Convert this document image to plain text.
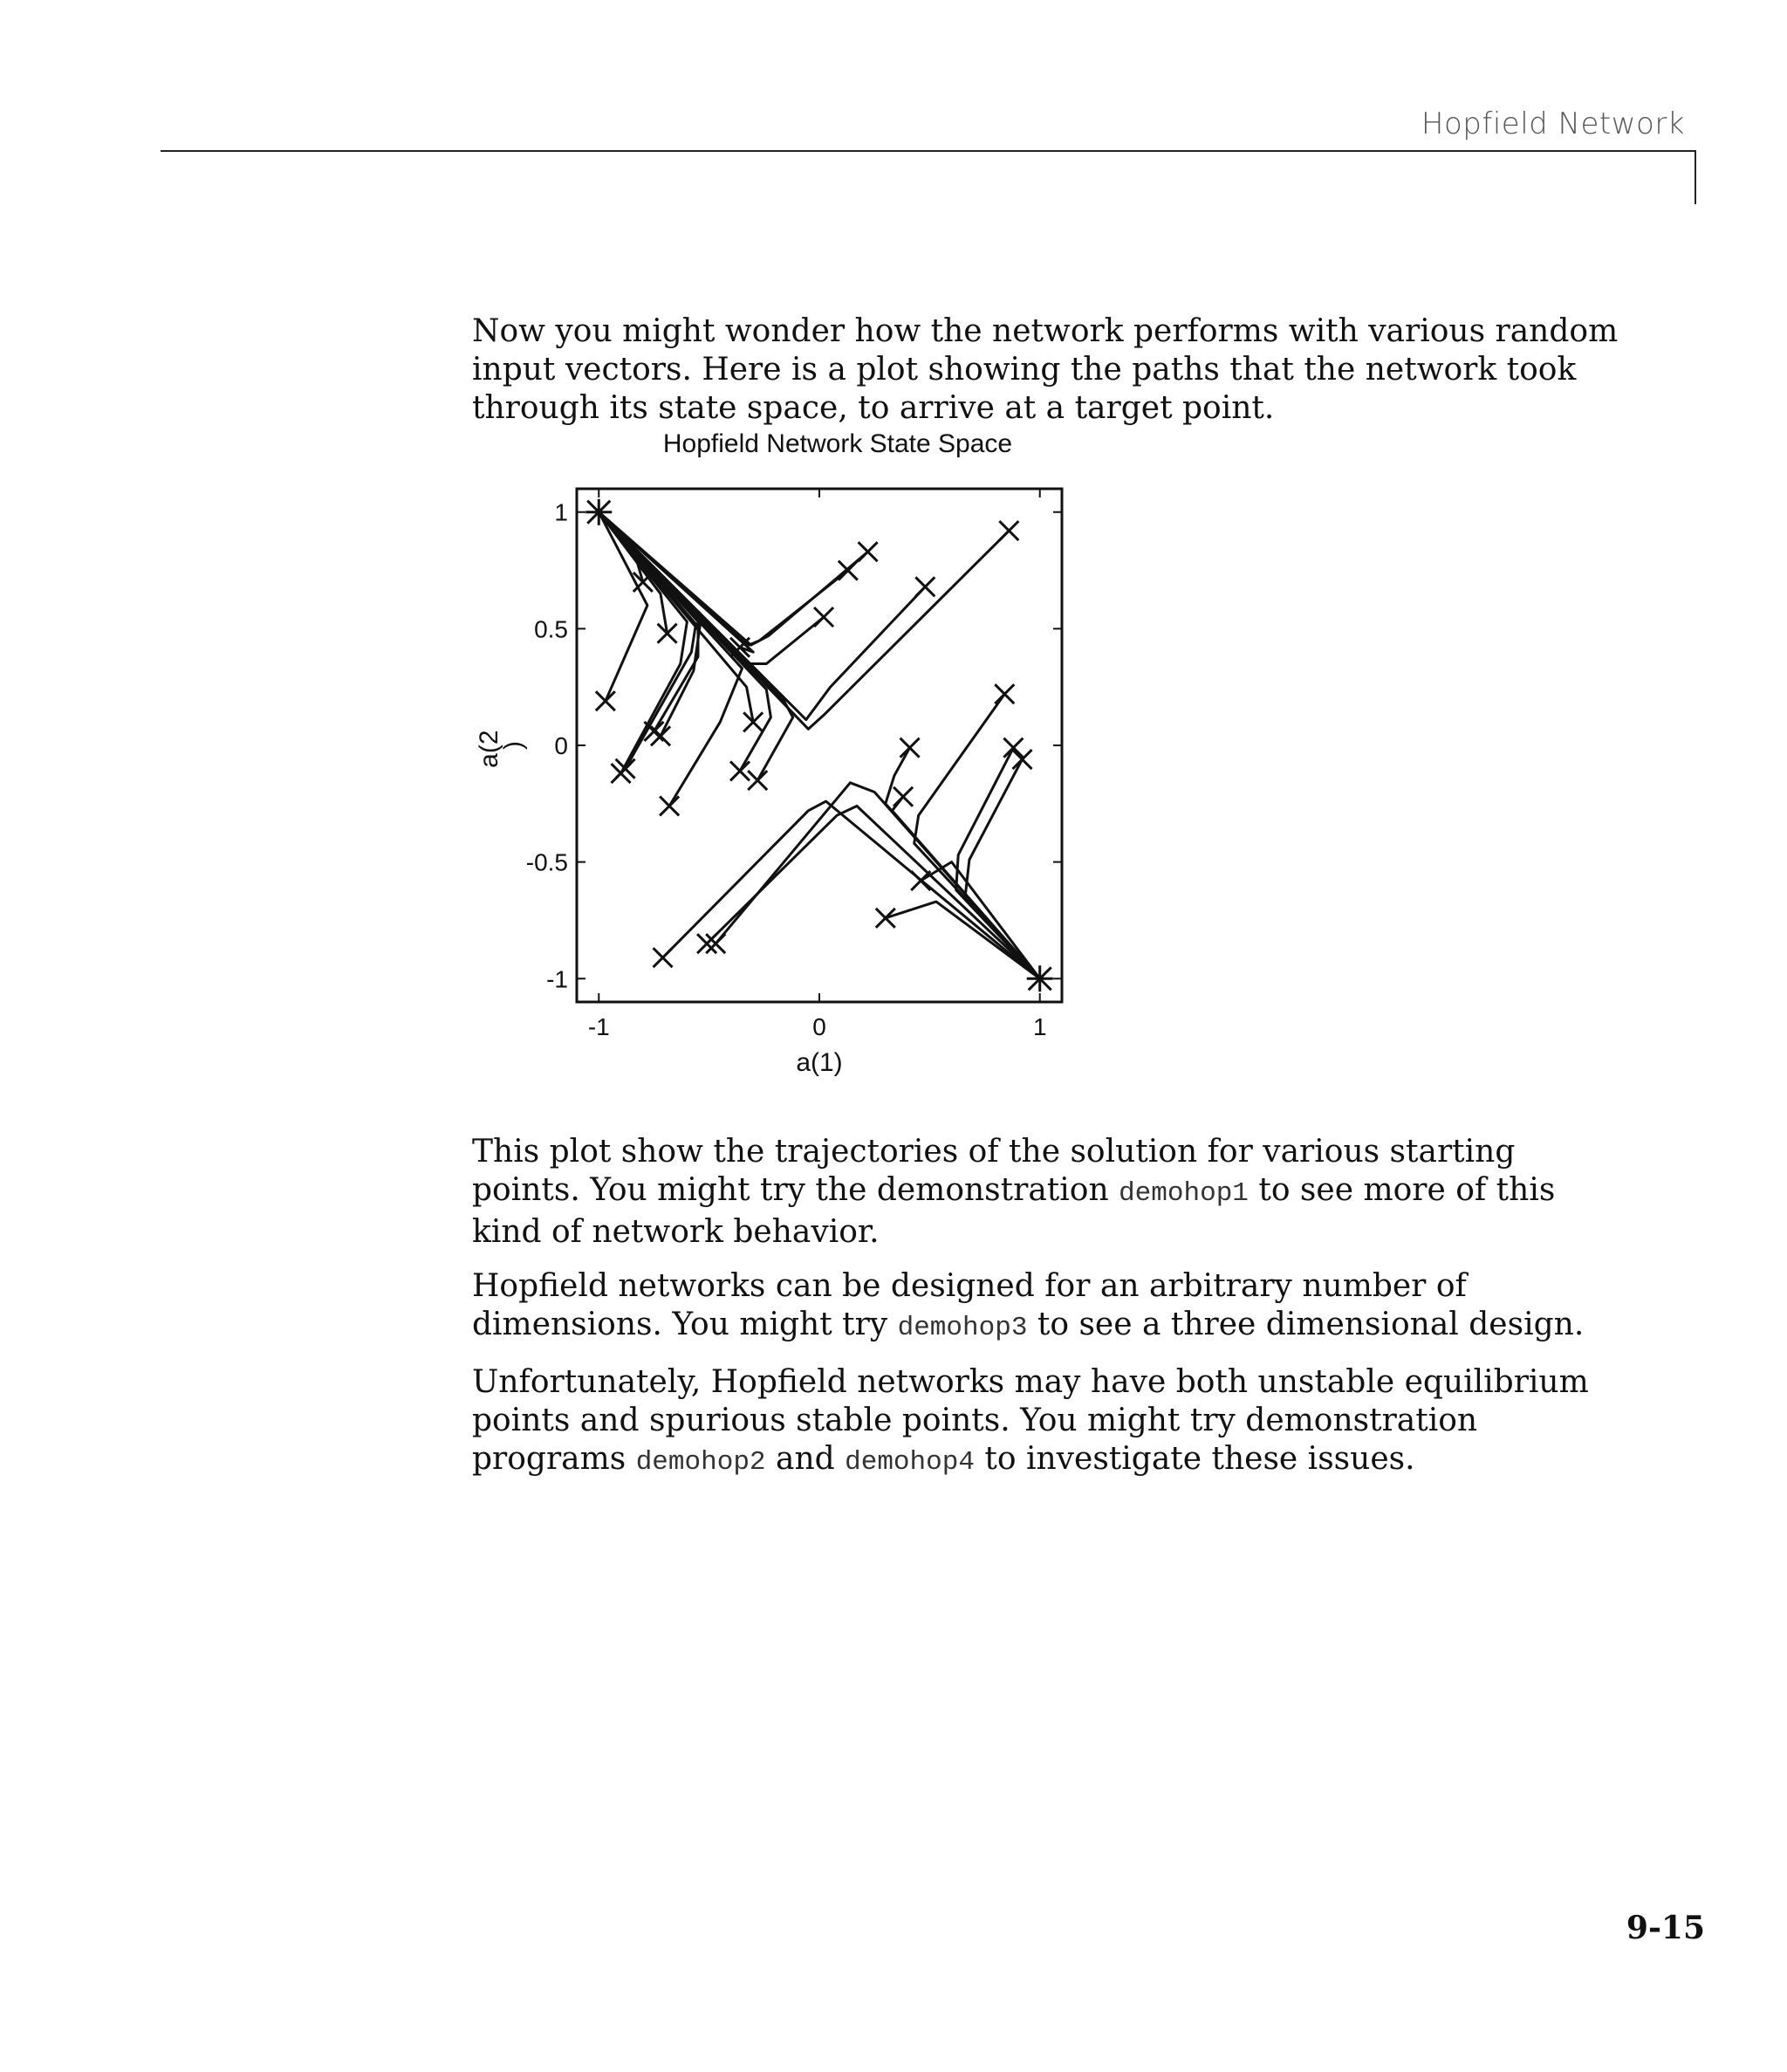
Hopfield Network

Now you might wonder how the network performs with various random input vectors. Here is a plot showing the paths that the network took through its state space, to arrive at a target point.

Hopfield Network State Space
-1	0	1
-1
-0.5
0
0.5
1
a(1)
a(2 )

This plot show the trajectories of the solution for various starting points. You might try the demonstration demohop1 to see more of this kind of network behavior.

Hopfield networks can be designed for an arbitrary number of dimensions. You might try demohop3 to see a three dimensional design.

Unfortunately, Hopfield networks may have both unstable equilibrium points and spurious stable points. You might try demonstration programs demohop2 and demohop4 to investigate these issues.

9-15
